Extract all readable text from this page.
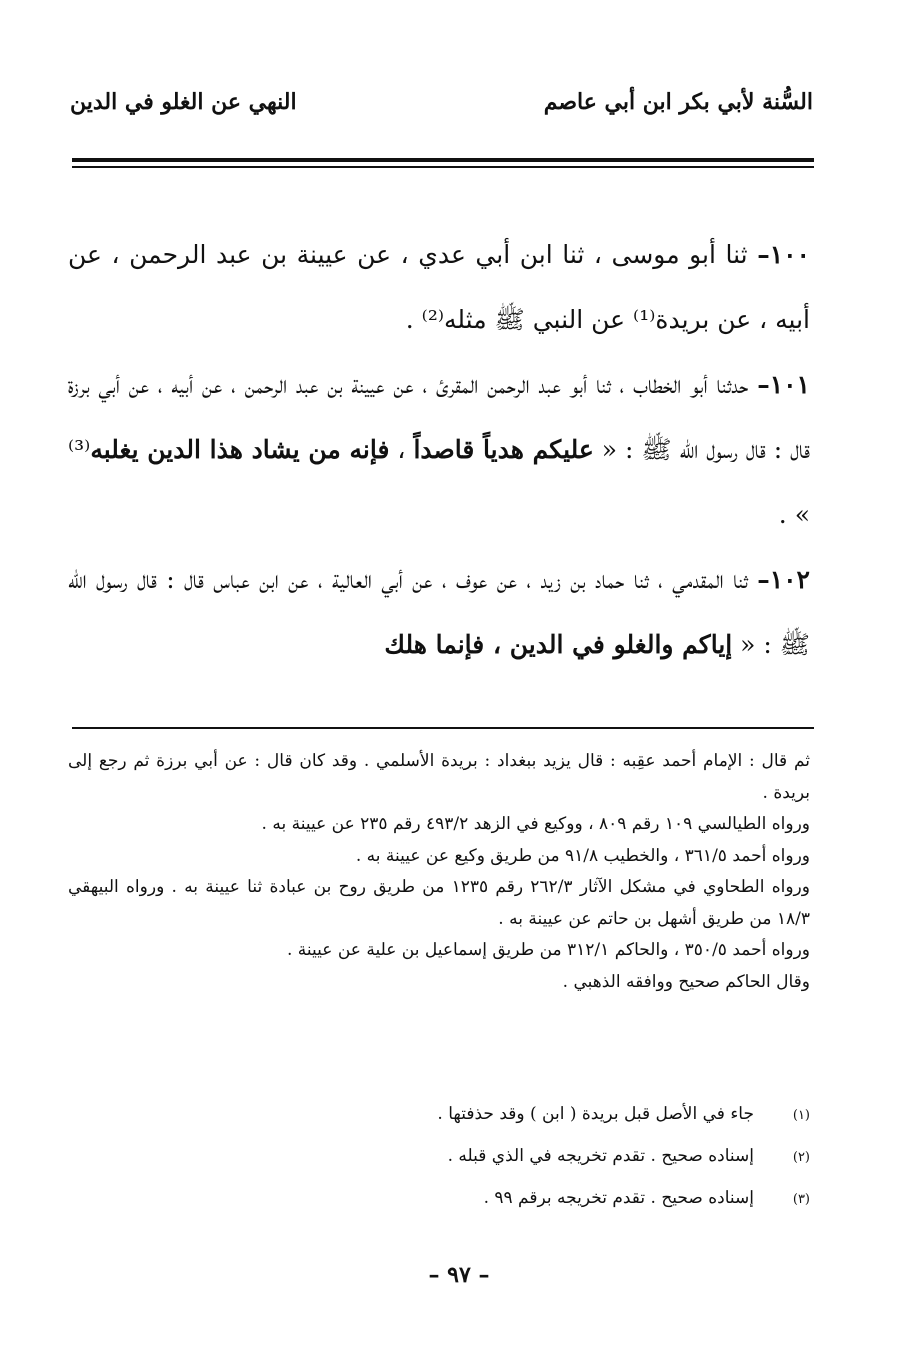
السُّنة لأبي بكر ابن أبي عاصم
النهي عن الغلو في الدين

١٠٠– ثنا أبو موسى ، ثنا ابن أبي عدي ، عن عيينة بن عبد الرحمن ، عن أبيه ، عن بريدة⁽¹⁾ عن النبي ﷺ مثله⁽²⁾ .

١٠١– حدثنا أبو الخطاب ، ثنا أبو عبد الرحمن المقرئ ، عن عيينة بن عبد الرحمن ، عن أبيه ، عن أبي برزة قال : قال رسول الله ﷺ : « عليكم هدياً قاصداً ، فإنه من يشاد هذا الدين يغلبه⁽³⁾ » .

١٠٢– ثنا المقدمي ، ثنا حماد بن زيد ، عن عوف ، عن أبي العالية ، عن ابن عباس قال : قال رسول الله ﷺ : « إياكم والغلو في الدين ، فإنما هلك

ثم قال : الإمام أحمد عقِبه : قال يزيد ببغداد : بريدة الأسلمي . وقد كان قال : عن أبي برزة ثم رجع إلى بريدة .

ورواه الطيالسي ١٠٩ رقم ٨٠٩ ، ووكيع في الزهد ٤٩٣/٢ رقم ٢٣٥ عن عيينة به .

ورواه أحمد ٣٦١/٥ ، والخطيب ٩١/٨ من طريق وكيع عن عيينة به .

ورواه الطحاوي في مشكل الآثار ٢٦٢/٣ رقم ١٢٣٥ من طريق روح بن عبادة ثنا عيينة به . ورواه البيهقي ١٨/٣ من طريق أشهل بن حاتم عن عيينة به .

ورواه أحمد ٣٥٠/٥ ، والحاكم ٣١٢/١ من طريق إسماعيل بن علية عن عيينة .

وقال الحاكم صحيح ووافقه الذهبي .

(١)
جاء في الأصل قبل بريدة ( ابن ) وقد حذفتها .
(٢)
إسناده صحيح . تقدم تخريجه في الذي قبله .
(٣)
إسناده صحيح . تقدم تخريجه برقم ٩٩ .
– ٩٧ –
